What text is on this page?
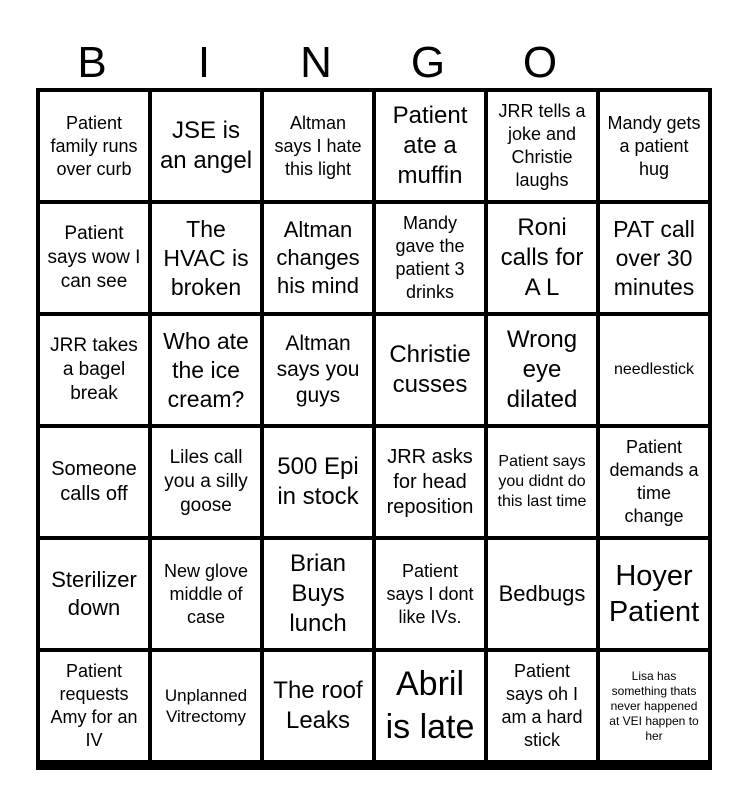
B	I	N	G	O
Patient family runs over curb
JSE is an angel
Altman says I hate this light
Patient ate a muffin
JRR tells a joke and Christie laughs
Mandy gets a patient hug
Patient says wow I can see
The HVAC is broken
Altman changes his mind
Mandy gave the patient 3 drinks
Roni calls for A L
PAT call over 30 minutes
JRR takes a bagel break
Who ate the ice cream?
Altman says you guys
Christie cusses
Wrong eye dilated
needlestick
Someone calls off
Liles call you a silly goose
500 Epi in stock
JRR asks for head reposition
Patient says you didnt do this last time
Patient demands a time change
Sterilizer down
New glove middle of case
Brian Buys lunch
Patient says I dont like IVs.
Bedbugs
Hoyer Patient
Patient requests Amy for an IV
Unplanned Vitrectomy
The roof Leaks
Abril is late
Patient says oh I am a hard stick
Lisa has something thats never happened at VEI happen to her
